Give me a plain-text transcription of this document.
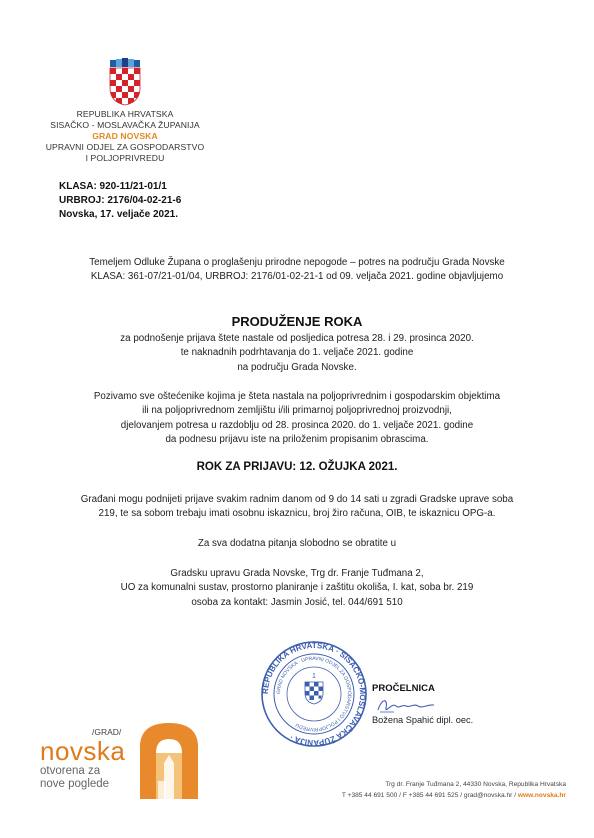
REPUBLIKA HRVATSKA
SISAČKO - MOSLAVAČKA ŽUPANIJA
GRAD NOVSKA
UPRAVNI ODJEL ZA GOSPODARSTVO
I POLJOPRIVREDU
KLASA: 920-11/21-01/1
URBROJ: 2176/04-02-21-6
Novska, 17. veljače 2021.
Temeljem Odluke Župana o proglašenju prirodne nepogode – potres na području Grada Novske
KLASA: 361-07/21-01/04, URBROJ: 2176/01-02-21-1 od 09. veljača 2021. godine objavljujemo
PRODUŽENJE ROKA
za podnošenje prijava štete nastale od posljedica potresa 28. i 29. prosinca 2020.
te naknadnih podrhtavanja do 1. veljače 2021. godine
na području Grada Novske.
Pozivamo sve oštećenike kojima je šteta nastala na poljoprivrednim i gospodarskim objektima
ili na poljoprivrednom zemljištu i/ili primarnoj poljoprivrednoj proizvodnji,
djelovanjem potresa u razdoblju od 28. prosinca 2020. do 1. veljače 2021. godine
da podnesu prijavu iste na priloženim propisanim obrascima.
ROK ZA PRIJAVU: 12. OŽUJKA 2021.
Građani mogu podnijeti prijave svakim radnim danom od 9 do 14 sati u zgradi Gradske uprave soba
219, te sa sobom trebaju imati osobnu iskaznicu, broj žiro računa, OIB, te iskaznicu OPG-a.
Za sva dodatna pitanja slobodno se obratite u
Gradsku upravu Grada Novske, Trg dr. Franje Tuđmana 2,
UO za komunalni sustav, prostorno planiranje i zaštitu okoliša, I. kat, soba br. 219
osoba za kontakt: Jasmin Josić, tel. 044/691 510
REPUBLIKA HRVATSKA · SISAČKO-MOSLAVAČKA ŽUPANIJA ·
GRAD NOVSKA · UPRAVNI ODJEL ZA GOSPODARSTVO I POLJOPRIVREDU
1
PROČELNICA
Božena Spahić dipl. oec.
/GRAD/
novska
otvorena za
nove poglede	Trg dr. Franje Tuđmana 2, 44330 Novska, Republika Hrvatska
T +385 44 691 500 / F +385 44 691 525 / grad@novska.hr / www.novska.hr
